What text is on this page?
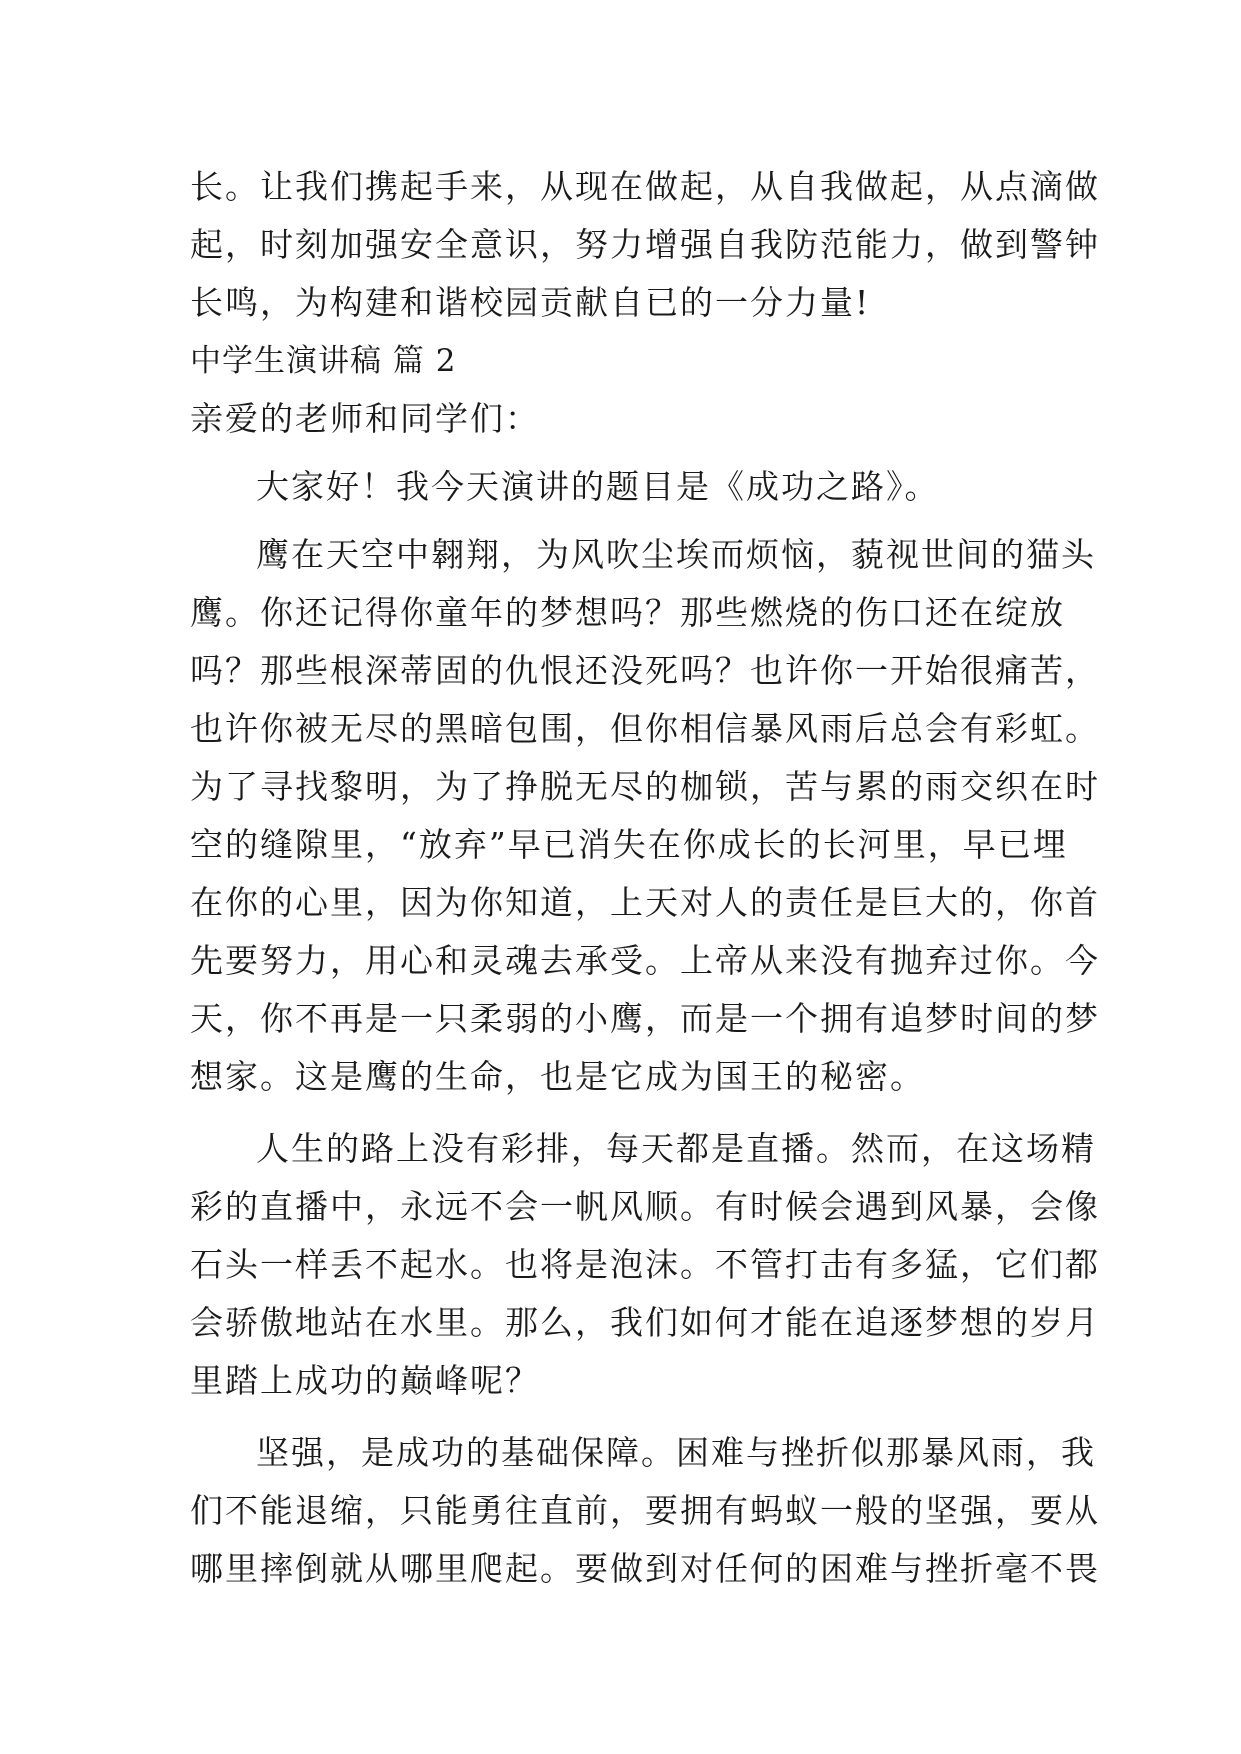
长。让我们携起手来，从现在做起，从自我做起，从点滴做
起，时刻加强安全意识，努力增强自我防范能力，做到警钟
长鸣，为构建和谐校园贡献自已的一分力量!
中学生演讲稿 篇 2
亲爱的老师和同学们：
大家好！我今天演讲的题目是《成功之路》。
鹰在天空中翱翔，为风吹尘埃而烦恼，藐视世间的猫头
鹰。你还记得你童年的梦想吗？那些燃烧的伤口还在绽放
吗？那些根深蒂固的仇恨还没死吗？也许你一开始很痛苦，
也许你被无尽的黑暗包围，但你相信暴风雨后总会有彩虹。
为了寻找黎明，为了挣脱无尽的枷锁，苦与累的雨交织在时
空的缝隙里，“放弃”早已消失在你成长的长河里，早已埋
在你的心里，因为你知道，上天对人的责任是巨大的，你首
先要努力，用心和灵魂去承受。上帝从来没有抛弃过你。今
天，你不再是一只柔弱的小鹰，而是一个拥有追梦时间的梦
想家。这是鹰的生命，也是它成为国王的秘密。
人生的路上没有彩排，每天都是直播。然而，在这场精
彩的直播中，永远不会一帆风顺。有时候会遇到风暴，会像
石头一样丢不起水。也将是泡沫。不管打击有多猛，它们都
会骄傲地站在水里。那么，我们如何才能在追逐梦想的岁月
里踏上成功的巅峰呢？
坚强，是成功的基础保障。困难与挫折似那暴风雨，我
们不能退缩，只能勇往直前，要拥有蚂蚁一般的坚强，要从
哪里摔倒就从哪里爬起。要做到对任何的困难与挫折毫不畏
